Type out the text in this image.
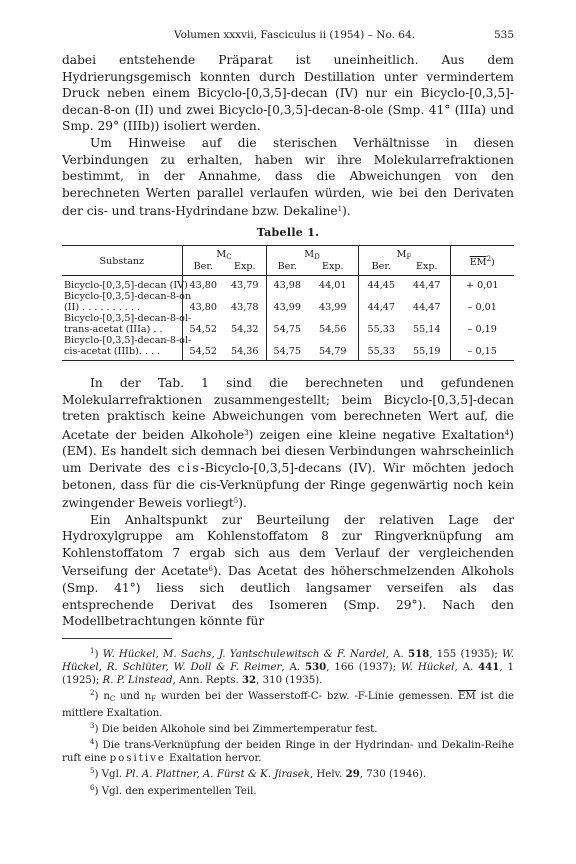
Volumen xxxvii, Fasciculus ii (1954) – No. 64.	535

dabei entstehende Präparat ist uneinheitlich. Aus dem Hydrierungsgemisch konnten durch Destillation unter vermindertem Druck neben einem Bicyclo-[0,3,5]-decan (IV) nur ein Bicyclo-[0,3,5]-decan-8-on (II) und zwei Bicyclo-[0,3,5]-decan-8-ole (Smp. 41° (IIIa) und Smp. 29° (IIIb)) isoliert werden.

Um Hinweise auf die sterischen Verhältnisse in diesen Verbindungen zu erhalten, haben wir ihre Molekularrefraktionen bestimmt, in der Annahme, dass die Abweichungen von den berechneten Werten parallel verlaufen würden, wie bei den Derivaten der cis- und trans-Hydrindane bzw. Dekaline$^1$).

Tabelle 1.
Substanz	$M_C$		$M_D$		$M_F$		$\overline{EM}^2$)
	Ber.	Exp.	Ber.	Exp.	Ber.	Exp.	

Bicyclo-[0,3,5]-decan (IV)	43,80	43,79	43,98	44,01	44,45	44,47	+ 0,01

Bicyclo-[0,3,5]-decan-8-on
(II) . . . . . . . . . .	43,80	43,78	43,99	43,99	44,47	44,47	– 0,01

Bicyclo-[0,3,5]-decan-8-ol-
trans-acetat (IIIa) . .	54,52	54,32	54,75	54,56	55,33	55,14	– 0,19

Bicyclo-[0,3,5]-decan-8-ol-
cis-acetat (IIIb). . . .	54,52	54,36	54,75	54,79	55,33	55,19	– 0,15

In der Tab. 1 sind die berechneten und gefundenen Molekularrefraktionen zusammengestellt; beim Bicyclo-[0,3,5]-decan treten praktisch keine Abweichungen vom berechneten Wert auf, die Acetate der beiden Alkohole$^3$) zeigen eine kleine negative Exaltation$^4$) (EM). Es handelt sich demnach bei diesen Verbindungen wahrscheinlich um Derivate des cis-Bicyclo-[0,3,5]-decans (IV). Wir möchten jedoch betonen, dass für die cis-Verknüpfung der Ringe gegenwärtig noch kein zwingender Beweis vorliegt$^5$).

Ein Anhaltspunkt zur Beurteilung der relativen Lage der Hydroxylgruppe am Kohlenstoffatom 8 zur Ringverknüpfung am Kohlenstoffatom 7 ergab sich aus dem Verlauf der vergleichenden Verseifung der Acetate$^6$). Das Acetat des höherschmelzenden Alkohols (Smp. 41°) liess sich deutlich langsamer verseifen als das entsprechende Derivat des Isomeren (Smp. 29°). Nach den Modellbetrachtungen könnte für

$^1$) W. Hückel, M. Sachs, J. Yantschulewitsch & F. Nardel, A. 518, 155 (1935); W. Hückel, R. Schlüter, W. Doll & F. Reimer, A. 530, 166 (1937); W. Hückel, A. 441, 1 (1925); R. P. Linstead, Ann. Repts. 32, 310 (1935).

$^2$) $n_C$ und $n_F$ wurden bei der Wasserstoff-C- bzw. -F-Linie gemessen. $\overline{EM}$ ist die mittlere Exaltation.

$^3$) Die beiden Alkohole sind bei Zimmertemperatur fest.

$^4$) Die trans-Verknüpfung der beiden Ringe in der Hydrindan- und Dekalin-Reihe ruft eine positive Exaltation hervor.

$^5$) Vgl. Pl. A. Plattner, A. Fürst & K. Jirasek, Helv. 29, 730 (1946).

$^6$) Vgl. den experimentellen Teil.
